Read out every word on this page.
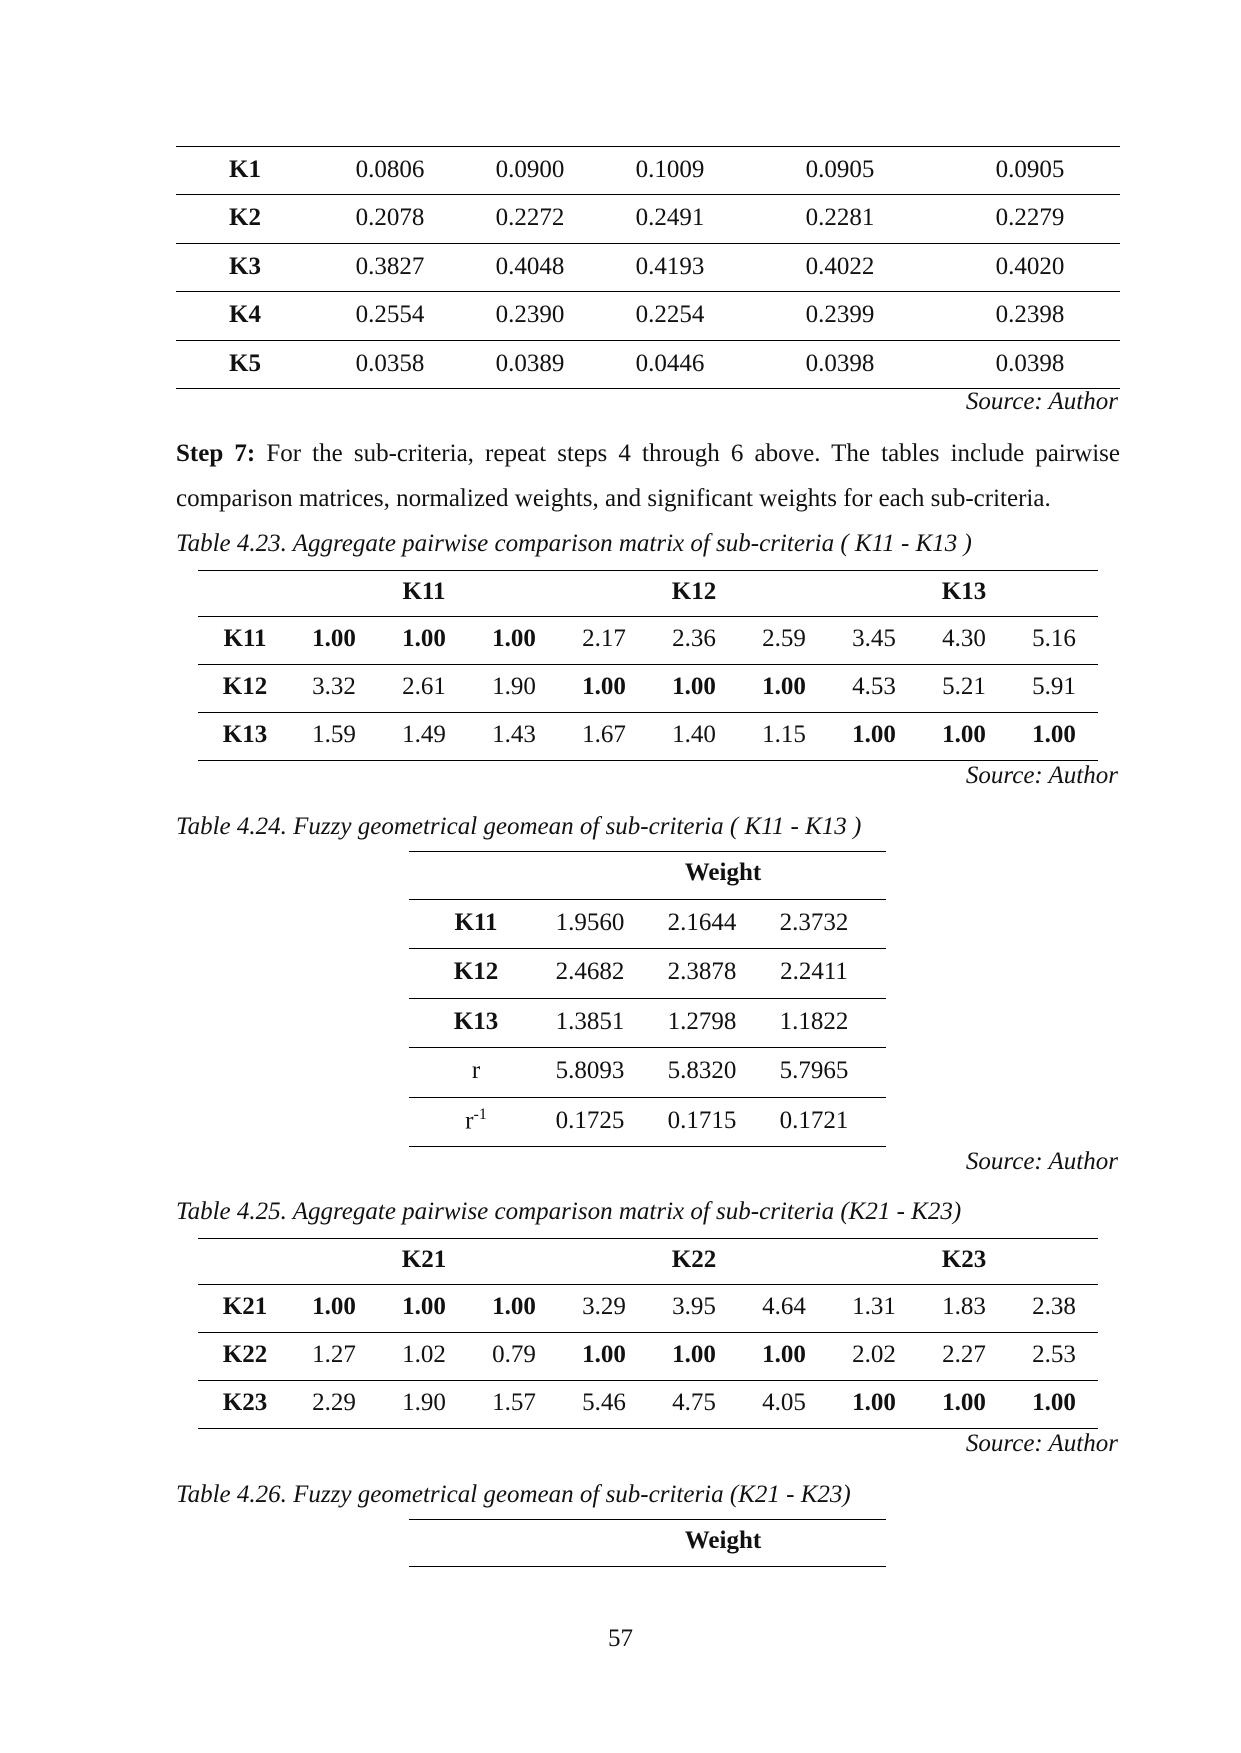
K1	0.0806	0.0900	0.1009	0.0905	0.0905
K2	0.2078	0.2272	0.2491	0.2281	0.2279
K3	0.3827	0.4048	0.4193	0.4022	0.4020
K4	0.2554	0.2390	0.2254	0.2399	0.2398
K5	0.0358	0.0389	0.0446	0.0398	0.0398
Source: Author
Step 7: For the sub-criteria, repeat steps 4 through 6 above. The tables include pairwise comparison matrices, normalized weights, and significant weights for each sub-criteria.
Table 4.23. Aggregate pairwise comparison matrix of sub-criteria ( K11 - K13 )
K11	K12	K13
K11	1.00	1.00	1.00	2.17	2.36	2.59	3.45	4.30	5.16
K12	3.32	2.61	1.90	1.00	1.00	1.00	4.53	5.21	5.91
K13	1.59	1.49	1.43	1.67	1.40	1.15	1.00	1.00	1.00
Source: Author
Table 4.24. Fuzzy geometrical geomean of sub-criteria ( K11 - K13 )
Weight
K11	1.9560	2.1644	2.3732
K12	2.4682	2.3878	2.2411
K13	1.3851	1.2798	1.1822
r	5.8093	5.8320	5.7965
$r^{-1}$	0.1725	0.1715	0.1721
Source: Author
Table 4.25. Aggregate pairwise comparison matrix of sub-criteria (K21 - K23)
K21	K22	K23
K21	1.00	1.00	1.00	3.29	3.95	4.64	1.31	1.83	2.38
K22	1.27	1.02	0.79	1.00	1.00	1.00	2.02	2.27	2.53
K23	2.29	1.90	1.57	5.46	4.75	4.05	1.00	1.00	1.00
Source: Author
Table 4.26. Fuzzy geometrical geomean of sub-criteria (K21 - K23)
Weight
57
